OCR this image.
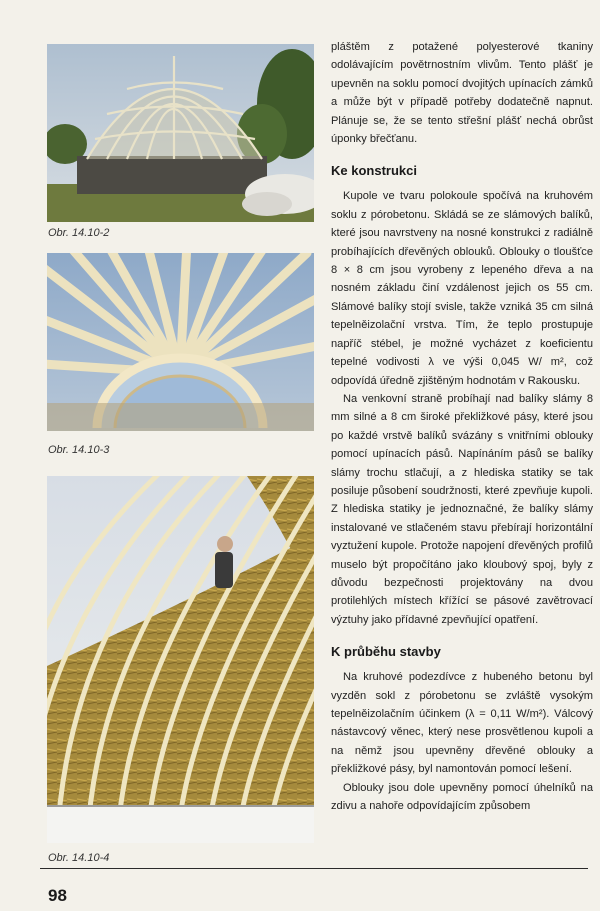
Obr. 14.10-2
Obr. 14.10-3
Obr. 14.10-4

pláštěm z potažené polyesterové tkaniny odolávajícím povětrnostním vlivům. Tento plášť je upevněn na soklu pomocí dvojitých upínacích zámků a může být v případě potřeby dodatečně napnut. Plánuje se, že se tento střešní plášť nechá obrůst úponky břečťanu.

Ke konstrukci

Kupole ve tvaru polokoule spočívá na kruhovém soklu z pórobetonu. Skládá se ze slámových balíků, které jsou navrstveny na nosné konstrukci z radiálně probíhajících dřevěných oblouků. Oblouky o tloušťce 8 × 8 cm jsou vyrobeny z lepeného dřeva a na nosném základu činí vzdálenost jejich os 55 cm. Slámové balíky stojí svisle, takže vzniká 35 cm silná tepelněizolační vrstva. Tím, že teplo prostupuje napříč stébel, je možné vycházet z koeficientu tepelné vodivosti λ ve výši 0,045 W/ m², což odpovídá úředně zjištěným hodnotám v Rakousku.

Na venkovní straně probíhají nad balíky slámy 8 mm silné a 8 cm široké překližkové pásy, které jsou po každé vrstvě balíků svázány s vnitřními oblouky pomocí upínacích pásů. Napínáním pásů se balíky slámy trochu stlačují, a z hlediska statiky se tak posiluje působení soudržnosti, které zpevňuje kupoli. Z hlediska statiky je jednoznačné, že balíky slámy instalované ve stlačeném stavu přebírají horizontální vyztužení kupole. Protože napojení dřevěných profilů muselo být propočítáno jako kloubový spoj, byly z důvodu bezpečnosti projektovány na dvou protilehlých místech křížící se pásové zavětrovací výztuhy jako přídavné zpevňující opatření.

K průběhu stavby

Na kruhové podezdívce z hubeného betonu byl vyzděn sokl z pórobetonu se zvláště vysokým tepelněizolačním účinkem (λ = 0,11 W/m²). Válcový nástavcový věnec, který nese prosvětlenou kupoli a na němž jsou upevněny dřevěné oblouky a překližkové pásy, byl namontován pomocí lešení.

Oblouky jsou dole upevněny pomocí úhelníků na zdivu a nahoře odpovídajícím způsobem

98
